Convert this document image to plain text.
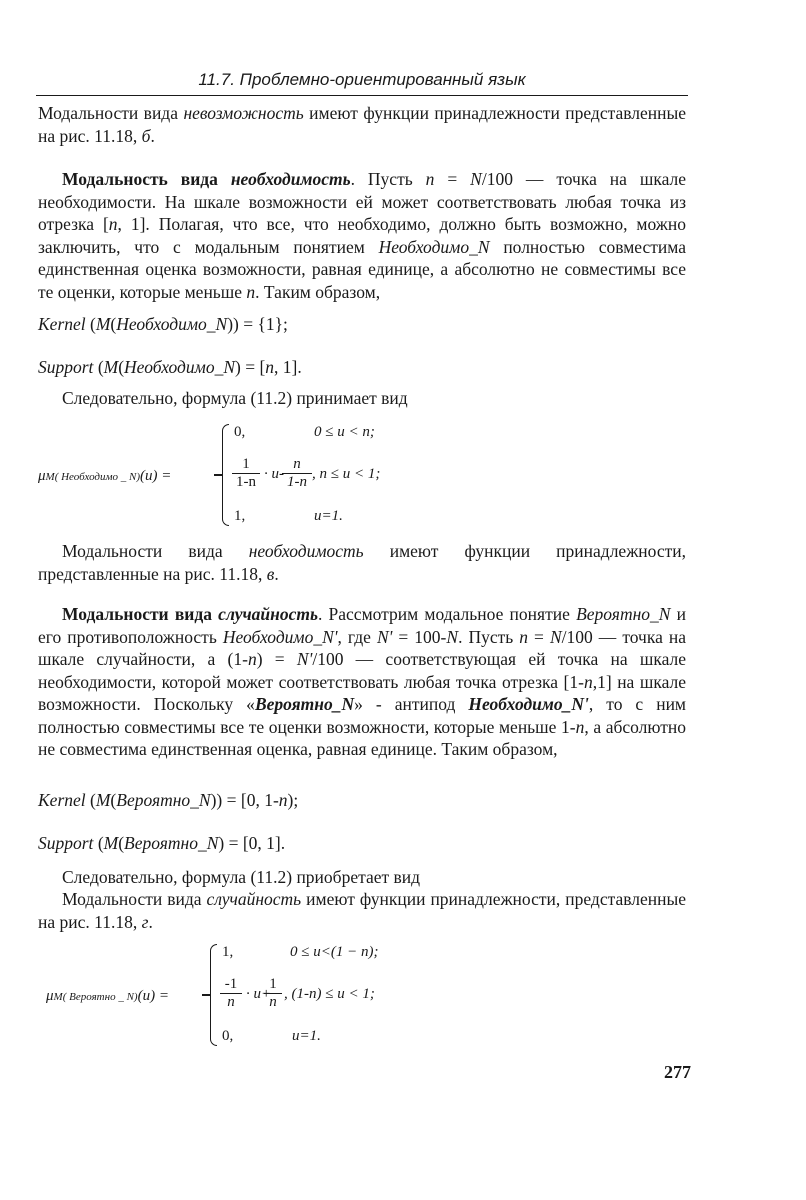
11.7. Проблемно-ориентированный язык
Модальности вида невозможность имеют функции принадлежности представленные на рис. 11.18, б.
Модальность вида необходимость. Пусть n = N/100 — точка на шкале необходимости. На шкале возможности ей может соответствовать любая точка из отрезка [n, 1]. Полагая, что все, что необходимо, должно быть возможно, можно заключить, что с модальным понятием Необходимо_N полностью совместима единственная оценка возможности, равная единице, а абсолютно не совместимы все те оценки, которые меньше n. Таким образом,
Kernel (M(Необходимо_N)) = {1};
Support (M(Необходимо_N) = [n, 1].
Следовательно, формула (11.2) принимает вид
μM( Необходимо _ N)(u) =
0,	0 ≤ u < n;
$\frac{1}{1-n} \cdot u-$
$\frac{n}{1-n}$ , n ≤ u < 1;
1,	u=1.
Модальности вида необходимость имеют функции принадлежности, представленные на рис. 11.18, в.
Модальности вида случайность. Рассмотрим модальное понятие Вероятно_N и его противоположность Необходимо_N', где N' = 100-N. Пусть n = N/100 — точка на шкале случайности, а (1-n) = N'/100 — соответствующая ей точка на шкале необходимости, которой может соответствовать любая точка отрезка [1-n,1] на шкале возможности. Поскольку «Вероятно_N» - антипод Необходимо_N', то с ним полностью совместимы все те оценки возможности, которые меньше 1-n, а абсолютно не совместима единственная оценка, равная единице. Таким образом,
Kernel (M(Вероятно_N)) = [0, 1-n);
Support (M(Вероятно_N) = [0, 1].
Следовательно, формула (11.2) приобретает вид
Модальности вида случайность имеют функции принадлежности, представленные на рис. 11.18, г.
μM( Вероятно _ N)(u) =
1,	0 ≤ u<(1 − n);
$\frac{-1}{n} \cdot u+$
$\frac{1}{n}$ , (1-n) ≤ u < 1;
0,	u=1.
277
